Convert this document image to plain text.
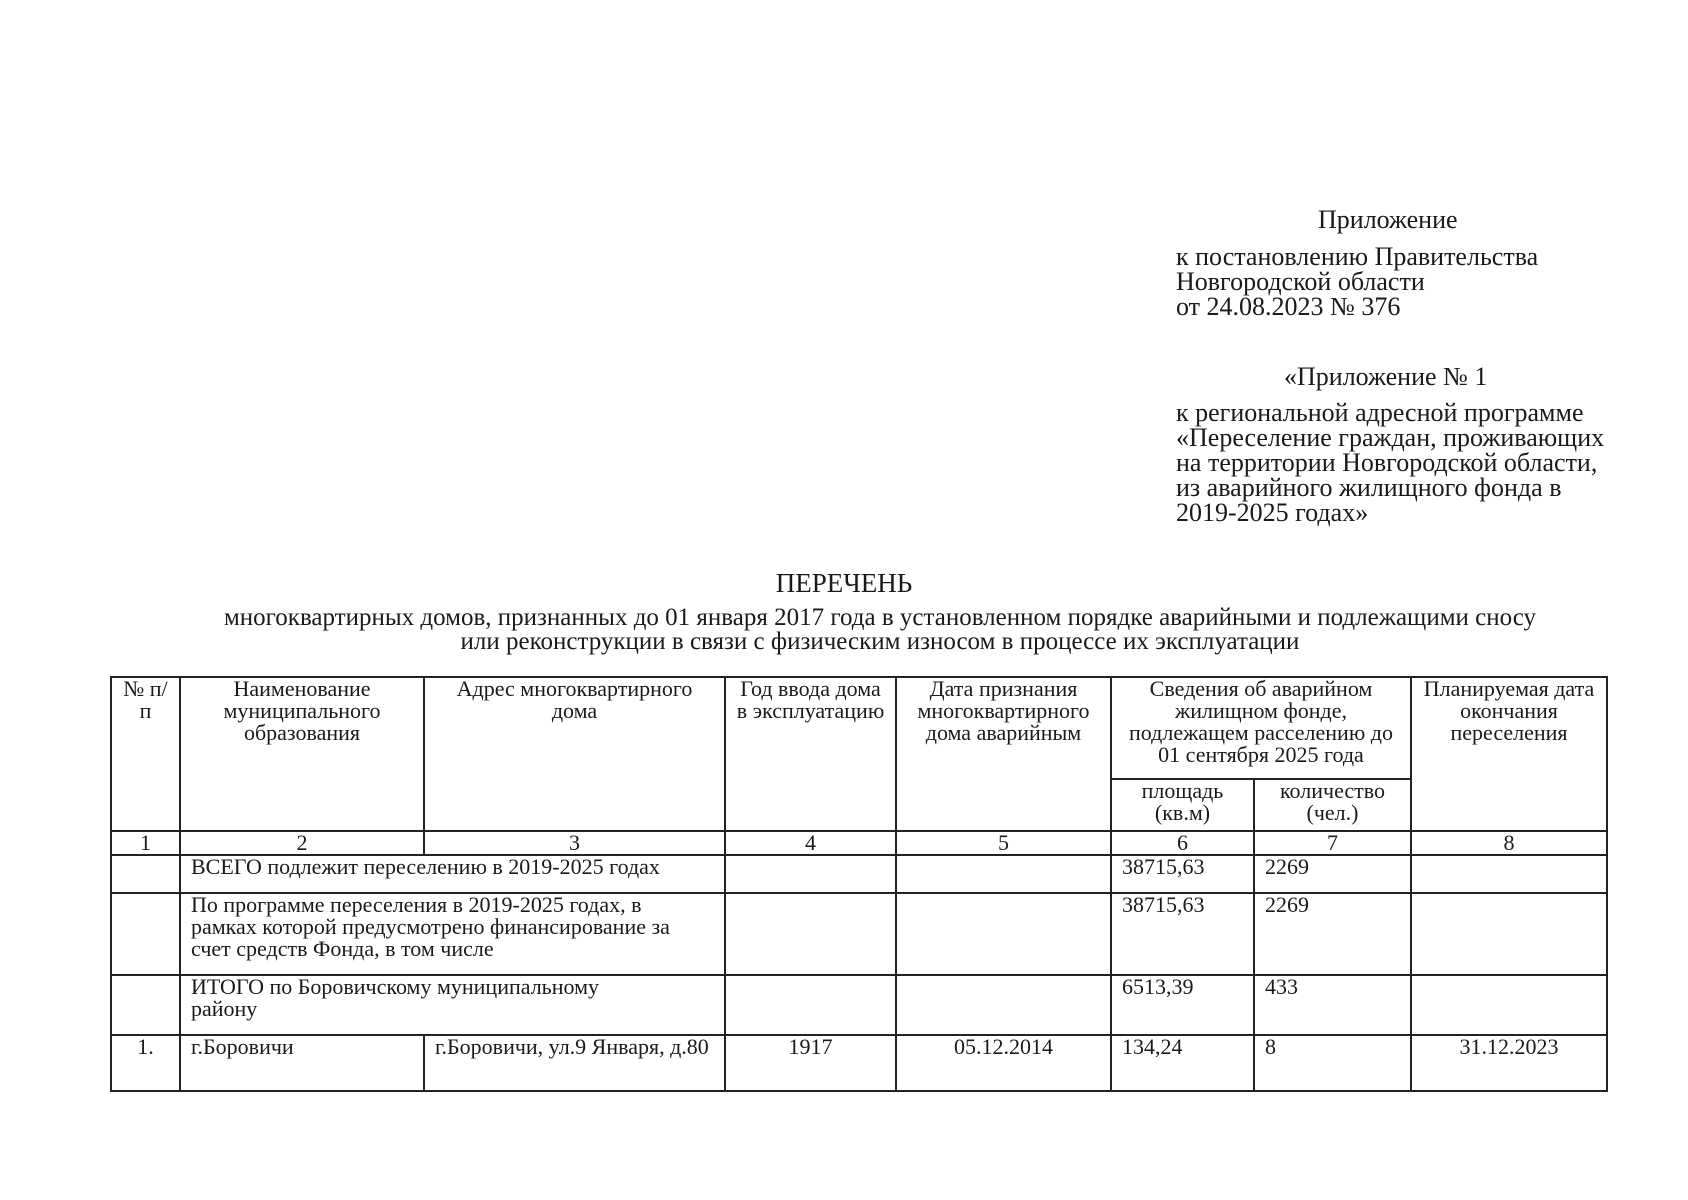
Приложение
к постановлению Правительства
Новгородской области
от 24.08.2023 № 376
«Приложение № 1
к региональной адресной программе
«Переселение граждан, проживающих
на территории Новгородской области,
из аварийного жилищного фонда в
2019-2025 годах»
ПЕРЕЧЕНЬ
многоквартирных домов, признанных до 01 января 2017 года в установленном порядке аварийными и подлежащими сносу
или реконструкции в связи с физическим износом в процессе их эксплуатации
№ п/п	Наименование муниципального образования	Адрес многоквартирного дома	Год ввода дома в эксплуатацию	Дата признания многоквартирного дома аварийным	Сведения об аварийном жилищном фонде, подлежащем расселению до 01 сентября 2025 года		Планируемая дата окончания переселения
					площадь (кв.м)	количество (чел.)	
1	2	3	4	5	6	7	8
	ВСЕГО подлежит переселению в 2019-2025 годах				38715,63	2269	
	По программе переселения в 2019-2025 годах, в рамках которой предусмотрено финансирование за счет средств Фонда, в том числе				38715,63	2269	
	ИТОГО по Боровичскому муниципальному району				6513,39	433	
1.	г.Боровичи	г.Боровичи, ул.9 Января, д.80	1917	05.12.2014	134,24	8	31.12.2023
